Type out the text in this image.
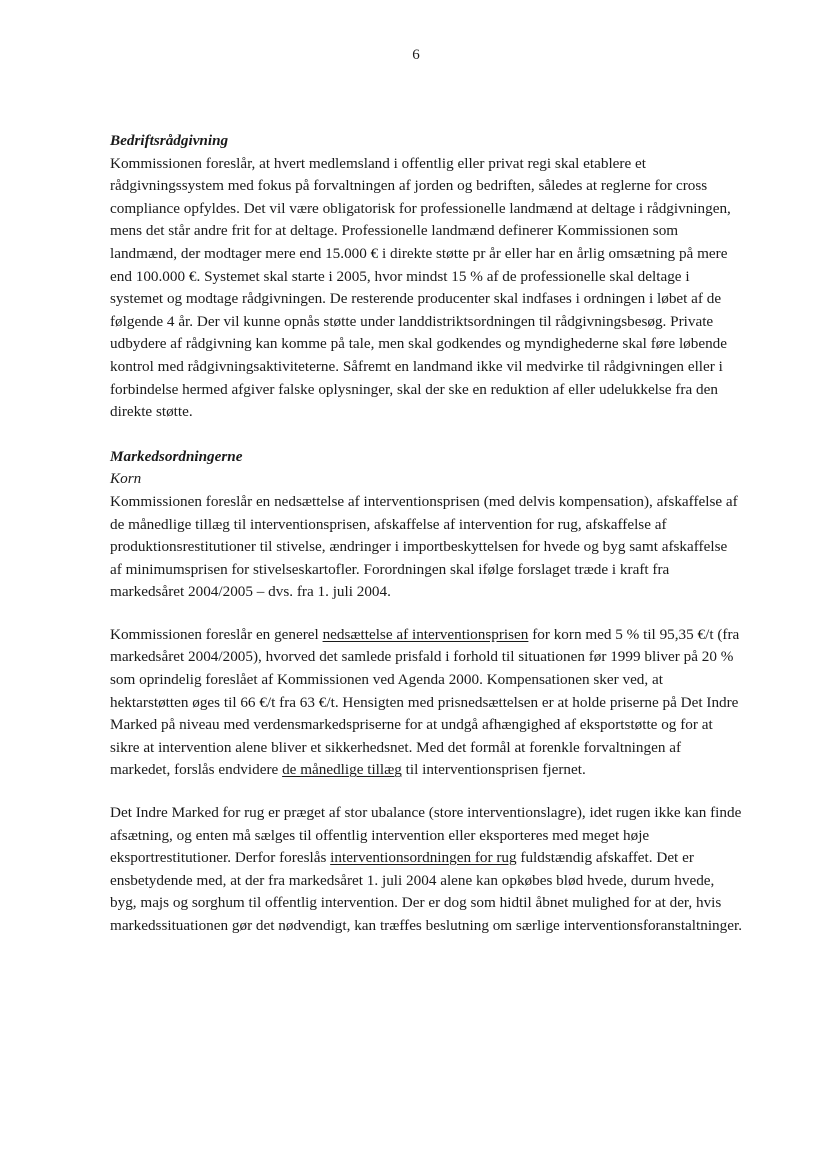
6

Bedriftsrådgivning

Kommissionen foreslår, at hvert medlemsland i offentlig eller privat regi skal etablere et rådgivningssystem med fokus på forvaltningen af jorden og bedriften, således at reglerne for cross compliance opfyldes. Det vil være obligatorisk for professionelle landmænd at deltage i rådgivningen, mens det står andre frit for at deltage. Professionelle landmænd definerer Kommissionen som landmænd, der modtager mere end 15.000 € i direkte støtte pr år eller har en årlig omsætning på mere end 100.000 €. Systemet skal starte i 2005, hvor mindst 15 % af de professionelle skal deltage i systemet og modtage rådgivningen. De resterende producenter skal indfases i ordningen i løbet af de følgende 4 år. Der vil kunne opnås støtte under landdistriktsordningen til rådgivningsbesøg. Private udbydere af rådgivning kan komme på tale, men skal godkendes og myndighederne skal føre løbende kontrol med rådgivningsaktiviteterne. Såfremt en landmand ikke vil medvirke til rådgivningen eller i forbindelse hermed afgiver falske oplysninger, skal der ske en reduktion af eller udelukkelse fra den direkte støtte.

Markedsordningerne

Korn

Kommissionen foreslår en nedsættelse af interventionsprisen (med delvis kompensation), afskaffelse af de månedlige tillæg til interventionsprisen, afskaffelse af intervention for rug, afskaffelse af produktionsrestitutioner til stivelse, ændringer i importbeskyttelsen for hvede og byg samt afskaffelse af minimumsprisen for stivelseskartofler. Forordningen skal ifølge forslaget træde i kraft fra markedsåret 2004/2005 – dvs. fra 1. juli 2004.

Kommissionen foreslår en generel nedsættelse af interventionsprisen for korn med 5 % til 95,35 €/t (fra markedsåret 2004/2005), hvorved det samlede prisfald i forhold til situationen før 1999 bliver på 20 % som oprindelig foreslået af Kommissionen ved Agenda 2000. Kompensationen sker ved, at hektarstøtten øges til 66 €/t fra 63 €/t. Hensigten med prisnedsættelsen er at holde priserne på Det Indre Marked på niveau med verdensmarkedspriserne for at undgå afhængighed af eksportstøtte og for at sikre at intervention alene bliver et sikkerhedsnet. Med det formål at forenkle forvaltningen af markedet, forslås endvidere de månedlige tillæg til interventionsprisen fjernet.

Det Indre Marked for rug er præget af stor ubalance (store interventionslagre), idet rugen ikke kan finde afsætning, og enten må sælges til offentlig intervention eller eksporteres med meget høje eksportrestitutioner. Derfor foreslås interventionsordningen for rug fuldstændig afskaffet. Det er ensbetydende med, at der fra markedsåret 1. juli 2004 alene kan opkøbes blød hvede, durum hvede, byg, majs og sorghum til offentlig intervention. Der er dog som hidtil åbnet mulighed for at der, hvis markedssituationen gør det nødvendigt, kan træffes beslutning om særlige interventionsforanstaltninger.
